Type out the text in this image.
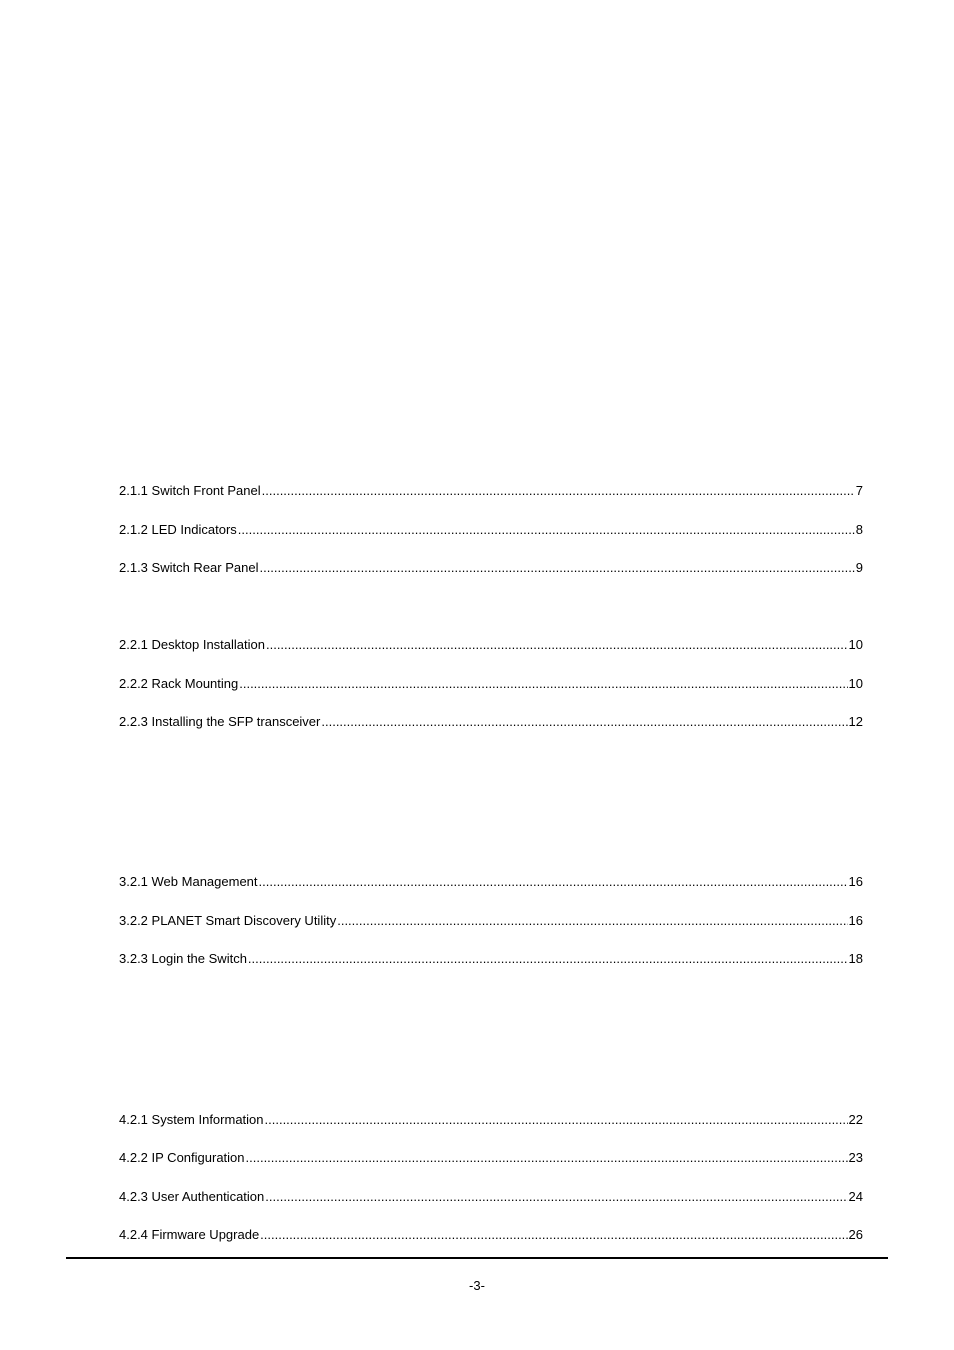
2.1.1 Switch Front Panel .....	7
2.1.2 LED Indicators .....	8
2.1.3 Switch Rear Panel .....	9
2.2.1 Desktop Installation .....	10
2.2.2 Rack Mounting .....	10
2.2.3 Installing the SFP transceiver .....	12
3.2.1 Web Management .....	16
3.2.2 PLANET Smart Discovery Utility .....	16
3.2.3 Login the Switch .....	18
4.2.1 System Information .....	22
4.2.2 IP Configuration .....	23
4.2.3 User Authentication .....	24
4.2.4 Firmware Upgrade .....	26
-3-
